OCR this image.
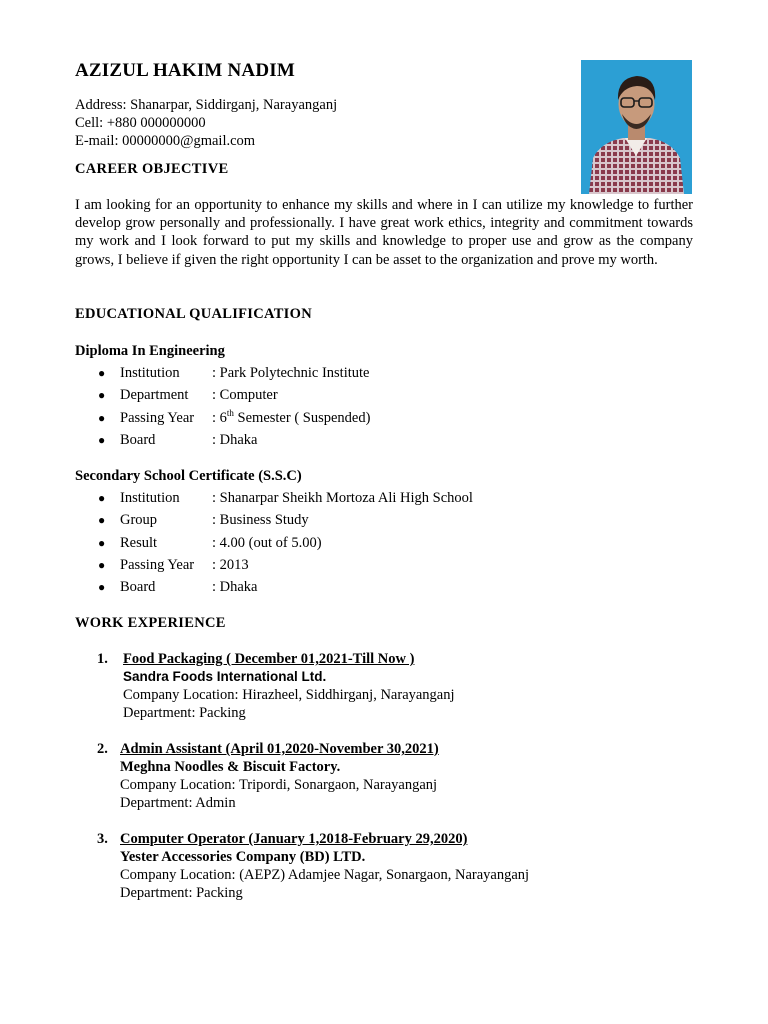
AZIZUL HAKIM NADIM
Address: Shanarpar, Siddirganj, Narayanganj
Cell: +880 000000000
E-mail: 00000000@gmail.com
CAREER OBJECTIVE
I am looking for an opportunity to enhance my skills and where in I can utilize my knowledge to further develop grow personally and professionally. I have great work ethics, integrity and commitment towards my work and I look forward to put my skills and knowledge to proper use and grow as the company grows, I believe if given the right opportunity I can be asset to the organization and prove my worth.
EDUCATIONAL QUALIFICATION
Diploma In Engineering
●	Institution	: Park Polytechnic Institute
●	Department	: Computer
●	Passing Year	: 6th Semester ( Suspended)
●	Board	: Dhaka
Secondary School Certificate (S.S.C)
●	Institution	: Shanarpar Sheikh Mortoza Ali High School
●	Group	: Business Study
●	Result	: 4.00 (out of 5.00)
●	Passing Year	: 2013
●	Board	: Dhaka
WORK EXPERIENCE
1. Food Packaging ( December 01,2021-Till Now )
Sandra Foods International Ltd.
Company Location: Hirazheel, Siddhirganj, Narayanganj
Department: Packing
2. Admin Assistant (April 01,2020-November 30,2021)
Meghna Noodles & Biscuit Factory.
Company Location: Tripordi, Sonargaon, Narayanganj
Department: Admin
3. Computer Operator (January 1,2018-February 29,2020)
Yester Accessories Company (BD) LTD.
Company Location: (AEPZ) Adamjee Nagar, Sonargaon, Narayanganj
Department: Packing
